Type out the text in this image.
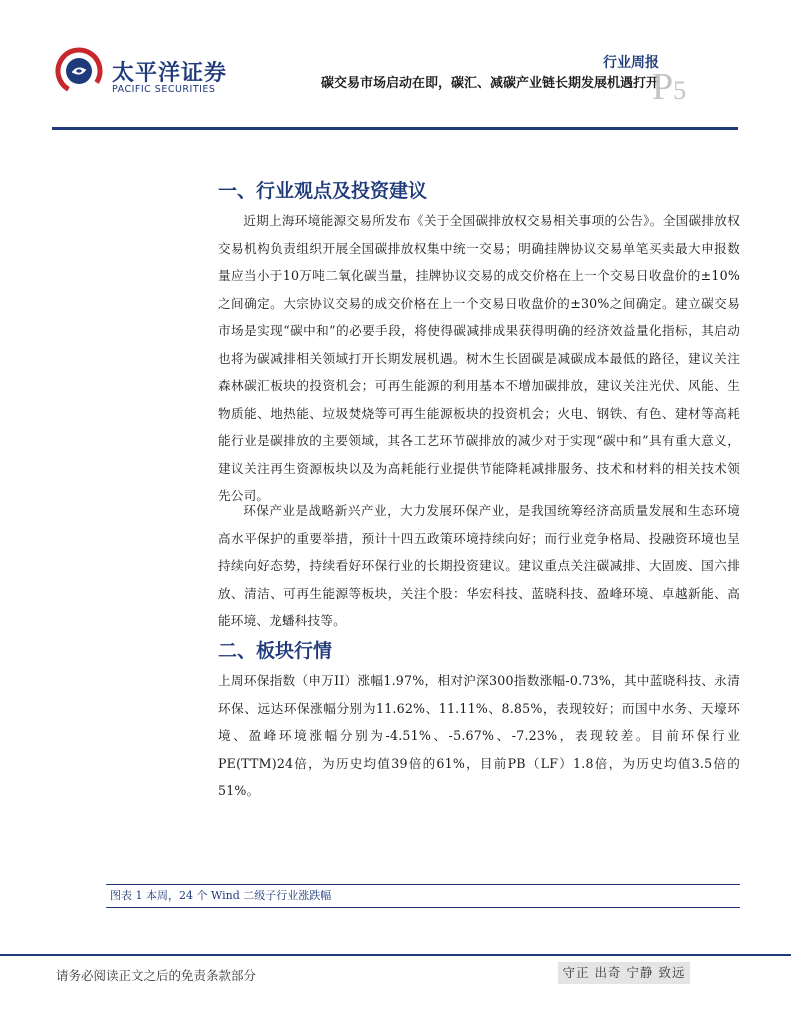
太平洋证券
PACIFIC SECURITIES
行业周报
碳交易市场启动在即，碳汇、减碳产业链长期发展机遇打开
P5
一、行业观点及投资建议

近期上海环境能源交易所发布《关于全国碳排放权交易相关事项的公告》。全国碳排放权交易机构负责组织开展全国碳排放权集中统一交易；明确挂牌协议交易单笔买卖最大申报数量应当小于10万吨二氧化碳当量，挂牌协议交易的成交价格在上一个交易日收盘价的±10%之间确定。大宗协议交易的成交价格在上一个交易日收盘价的±30%之间确定。建立碳交易市场是实现“碳中和”的必要手段，将使得碳减排成果获得明确的经济效益量化指标，其启动也将为碳减排相关领域打开长期发展机遇。树木生长固碳是减碳成本最低的路径，建议关注森林碳汇板块的投资机会；可再生能源的利用基本不增加碳排放，建议关注光伏、风能、生物质能、地热能、垃圾焚烧等可再生能源板块的投资机会；火电、钢铁、有色、建材等高耗能行业是碳排放的主要领域，其各工艺环节碳排放的减少对于实现“碳中和”具有重大意义，建议关注再生资源板块以及为高耗能行业提供节能降耗减排服务、技术和材料的相关技术领先公司。

环保产业是战略新兴产业，大力发展环保产业，是我国统筹经济高质量发展和生态环境高水平保护的重要举措，预计十四五政策环境持续向好；而行业竞争格局、投融资环境也呈持续向好态势，持续看好环保行业的长期投资建议。建议重点关注碳减排、大固废、国六排放、清洁、可再生能源等板块，关注个股：华宏科技、蓝晓科技、盈峰环境、卓越新能、高能环境、龙蟠科技等。

二、板块行情

上周环保指数（申万II）涨幅1.97%，相对沪深300指数涨幅-0.73%，其中蓝晓科技、永清环保、远达环保涨幅分别为11.62%、11.11%、8.85%，表现较好；而国中水务、天壕环境、盈峰环境涨幅分别为-4.51%、-5.67%、-7.23%，表现较差。目前环保行业PE(TTM)24倍，为历史均值39倍的61%，目前PB（LF）1.8倍，为历史均值3.5倍的51%。

图表 1 本周，24 个 Wind 二级子行业涨跌幅
请务必阅读正文之后的免责条款部分	守正 出奇 宁静 致远
